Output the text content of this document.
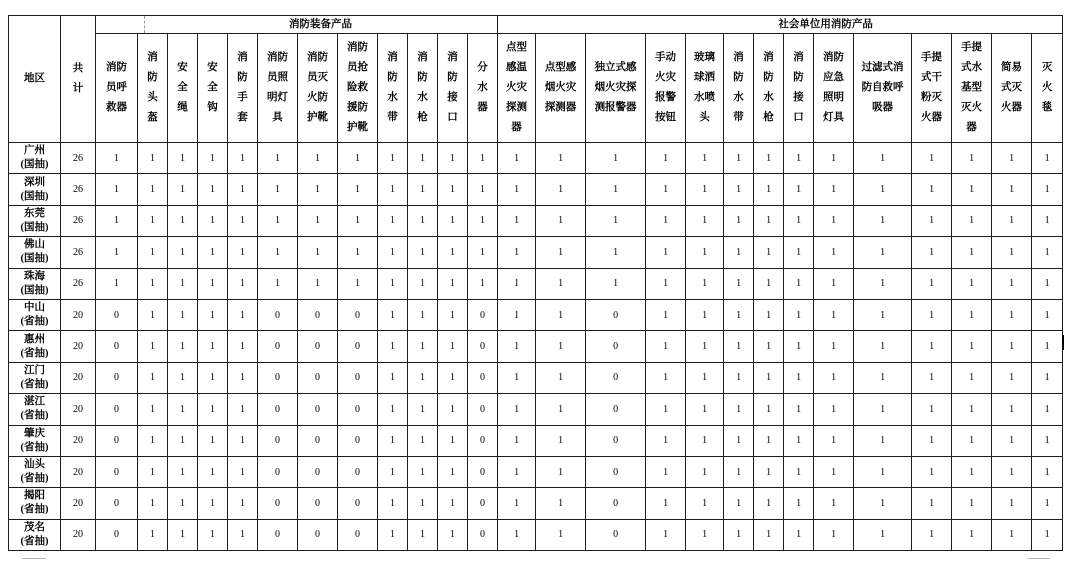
地区	共计	消防装备产品												社会单位用消防产品													
		消防员呼救器	消防头盔	安全绳	安全钩	消防手套	消防员照明灯具	消防员灭火防护靴	消防员抢险救援防护靴	消防水带	消防水枪	消防接口	分水器	点型感温火灾探测器	点型感烟火灾探测器	独立式感烟火灾探测报警器	手动火灾报警按钮	玻璃球洒水喷头	消防水带	消防水枪	消防接口	消防应急照明灯具	过滤式消防自救呼吸器	手提式干粉灭火器	手提式水基型灭火器	简易式灭火器	灭火毯

广州
(国抽)	26	1	1	1	1	1	1	1	1	1	1	1	1	1	1	1	1	1	1	1	1	1	1	1	1	1	1

深圳
(国抽)	26	1	1	1	1	1	1	1	1	1	1	1	1	1	1	1	1	1	1	1	1	1	1	1	1	1	1

东莞
(国抽)	26	1	1	1	1	1	1	1	1	1	1	1	1	1	1	1	1	1	1	1	1	1	1	1	1	1	1

佛山
(国抽)	26	1	1	1	1	1	1	1	1	1	1	1	1	1	1	1	1	1	1	1	1	1	1	1	1	1	1

珠海
(国抽)	26	1	1	1	1	1	1	1	1	1	1	1	1	1	1	1	1	1	1	1	1	1	1	1	1	1	1

中山
(省抽)	20	0	1	1	1	1	0	0	0	1	1	1	0	1	1	0	1	1	1	1	1	1	1	1	1	1	1

惠州
(省抽)	20	0	1	1	1	1	0	0	0	1	1	1	0	1	1	0	1	1	1	1	1	1	1	1	1	1	1

江门
(省抽)	20	0	1	1	1	1	0	0	0	1	1	1	0	1	1	0	1	1	1	1	1	1	1	1	1	1	1

湛江
(省抽)	20	0	1	1	1	1	0	0	0	1	1	1	0	1	1	0	1	1	1	1	1	1	1	1	1	1	1

肇庆
(省抽)	20	0	1	1	1	1	0	0	0	1	1	1	0	1	1	0	1	1	1	1	1	1	1	1	1	1	1

汕头
(省抽)	20	0	1	1	1	1	0	0	0	1	1	1	0	1	1	0	1	1	1	1	1	1	1	1	1	1	1

揭阳
(省抽)	20	0	1	1	1	1	0	0	0	1	1	1	0	1	1	0	1	1	1	1	1	1	1	1	1	1	1

茂名
(省抽)	20	0	1	1	1	1	0	0	0	1	1	1	0	1	1	0	1	1	1	1	1	1	1	1	1	1	1
